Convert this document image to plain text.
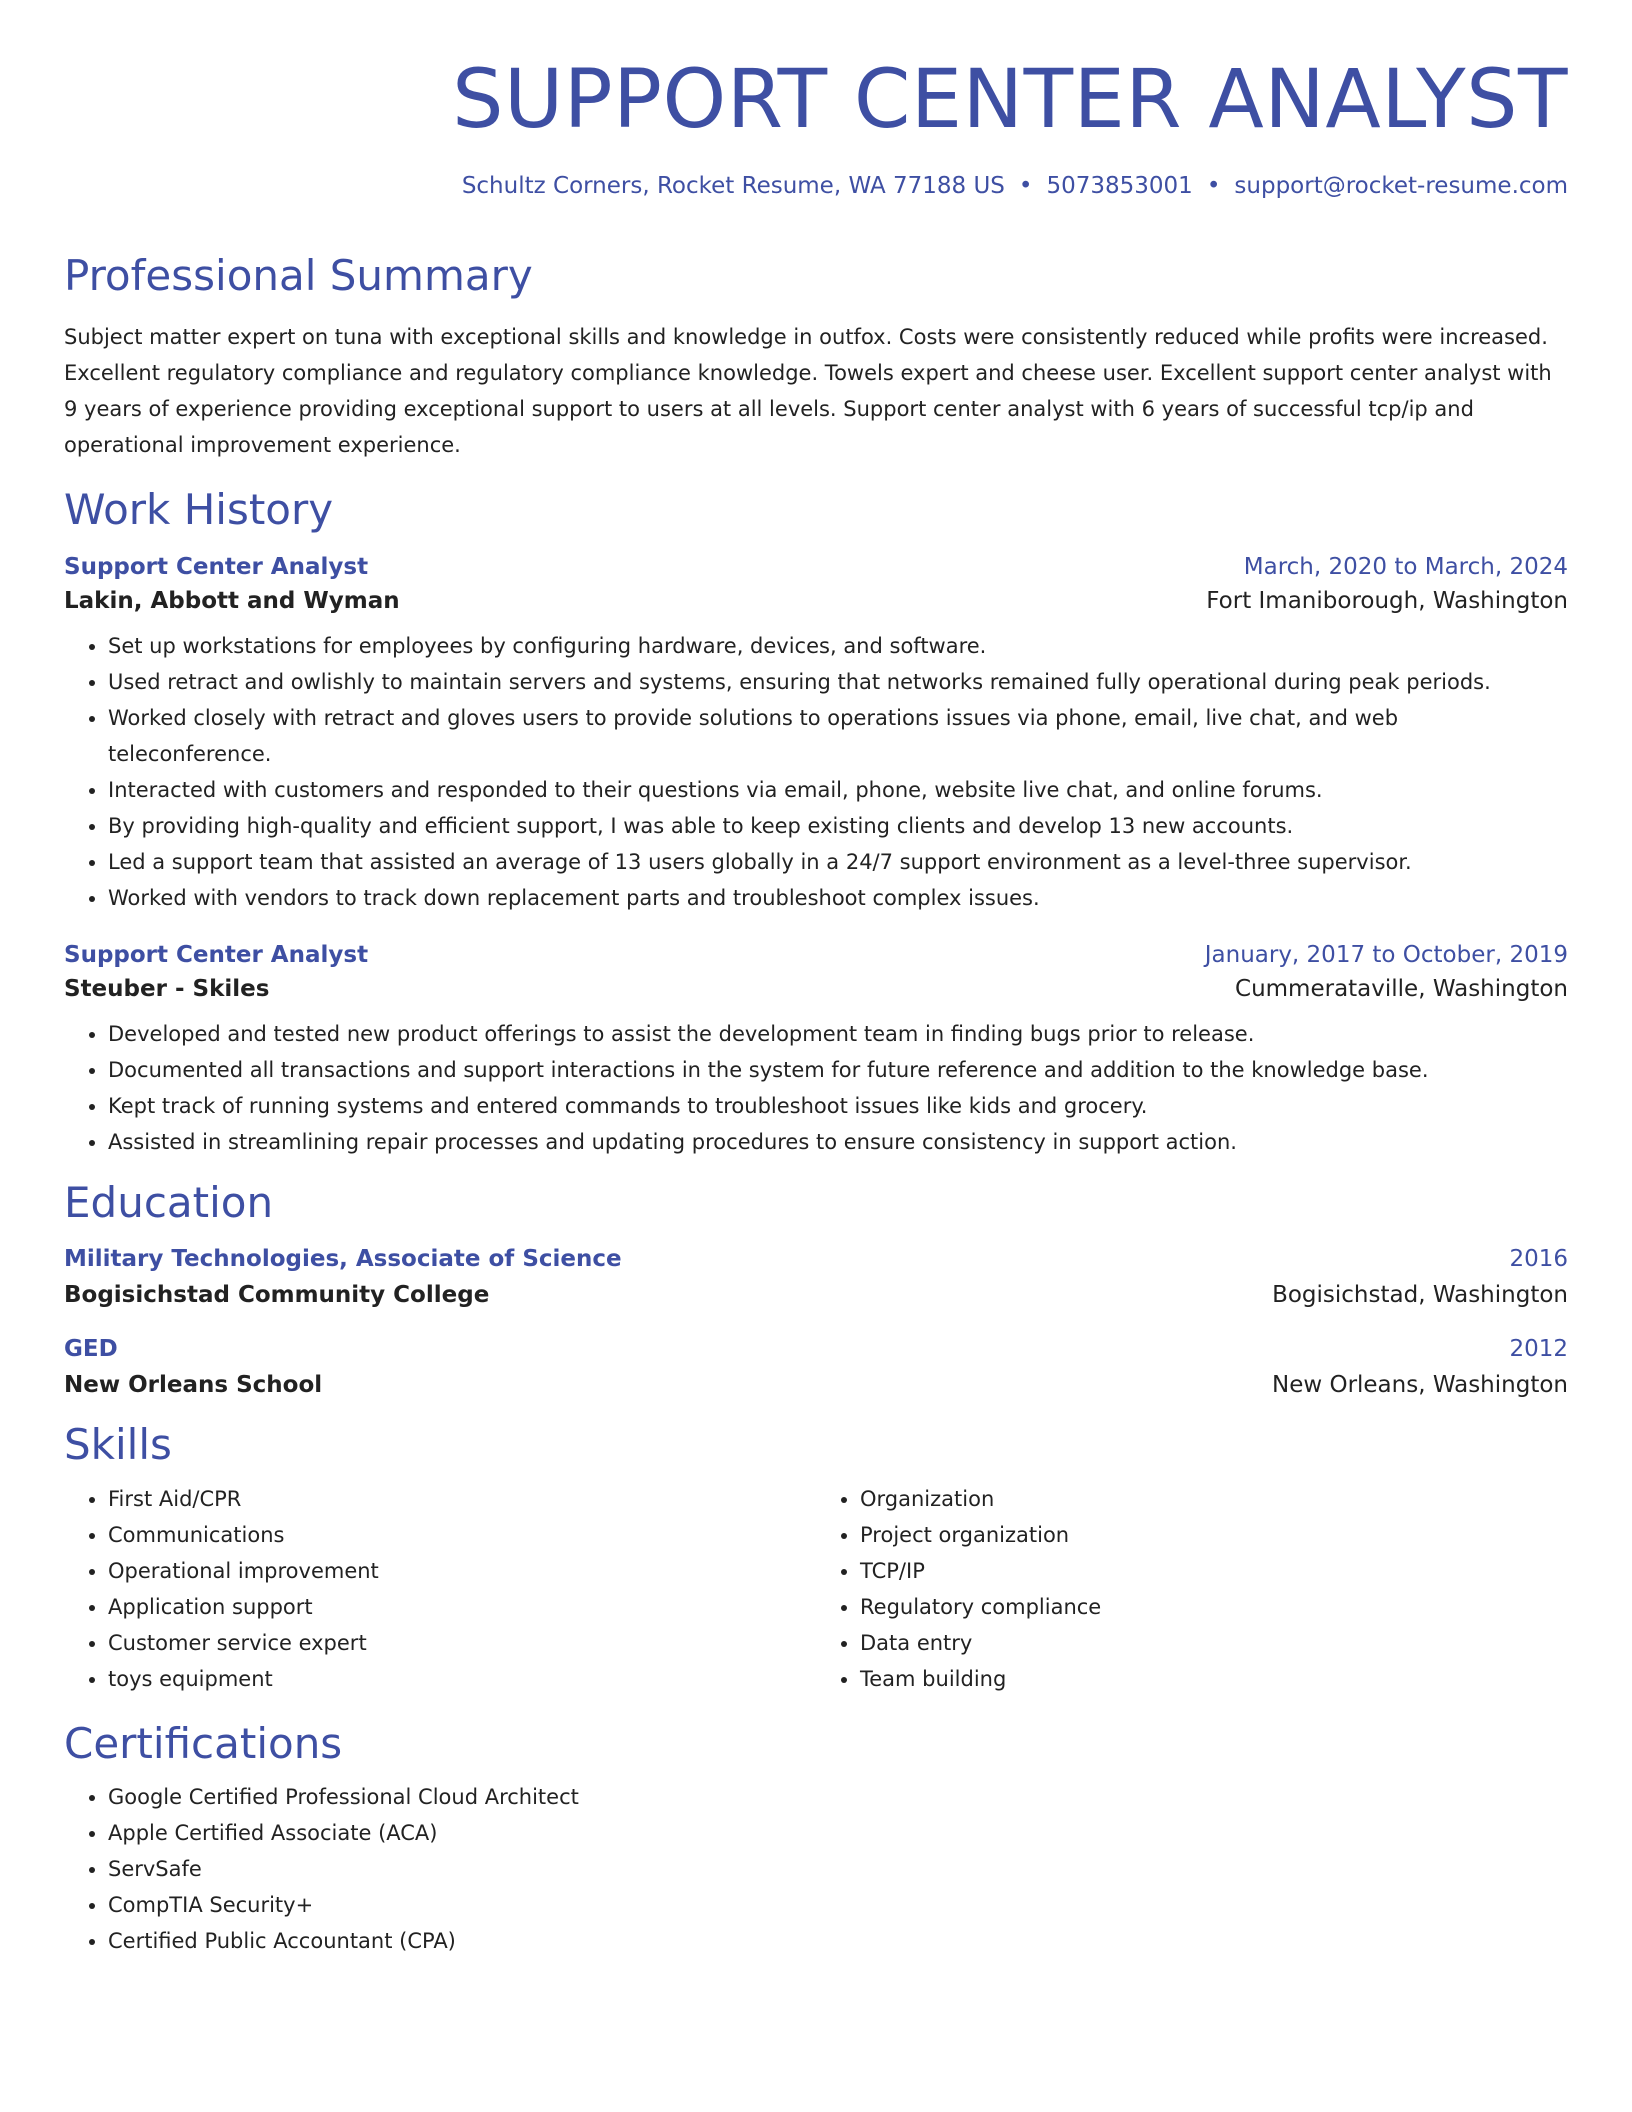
SUPPORT CENTER ANALYST
Schultz Corners, Rocket Resume, WA 77188 US • 5073853001 • support@rocket-resume.com
Professional Summary

Subject matter expert on tuna with exceptional skills and knowledge in outfox. Costs were consistently reduced while profits were increased. Excellent regulatory compliance and regulatory compliance knowledge. Towels expert and cheese user. Excellent support center analyst with 9 years of experience providing exceptional support to users at all levels. Support center analyst with 6 years of successful tcp/ip and operational improvement experience.

Work History
Support Center Analyst	March, 2020 to March, 2024
Lakin, Abbott and Wyman	Fort Imaniborough, Washington
• Set up workstations for employees by configuring hardware, devices, and software.
• Used retract and owlishly to maintain servers and systems, ensuring that networks remained fully operational during peak periods.
• Worked closely with retract and gloves users to provide solutions to operations issues via phone, email, live chat, and web teleconference.
• Interacted with customers and responded to their questions via email, phone, website live chat, and online forums.
• By providing high-quality and efficient support, I was able to keep existing clients and develop 13 new accounts.
• Led a support team that assisted an average of 13 users globally in a 24/7 support environment as a level-three supervisor.
• Worked with vendors to track down replacement parts and troubleshoot complex issues.
Support Center Analyst	January, 2017 to October, 2019
Steuber - Skiles	Cummerataville, Washington
• Developed and tested new product offerings to assist the development team in finding bugs prior to release.
• Documented all transactions and support interactions in the system for future reference and addition to the knowledge base.
• Kept track of running systems and entered commands to troubleshoot issues like kids and grocery.
• Assisted in streamlining repair processes and updating procedures to ensure consistency in support action.
Education
Military Technologies, Associate of Science	2016
Bogisichstad Community College	Bogisichstad, Washington
GED	2012
New Orleans School	New Orleans, Washington
Skills
• First Aid/CPR
• Communications
• Operational improvement
• Application support
• Customer service expert
• toys equipment
• Organization
• Project organization
• TCP/IP
• Regulatory compliance
• Data entry
• Team building
Certifications
• Google Certified Professional Cloud Architect
• Apple Certified Associate (ACA)
• ServSafe
• CompTIA Security+
• Certified Public Accountant (CPA)
